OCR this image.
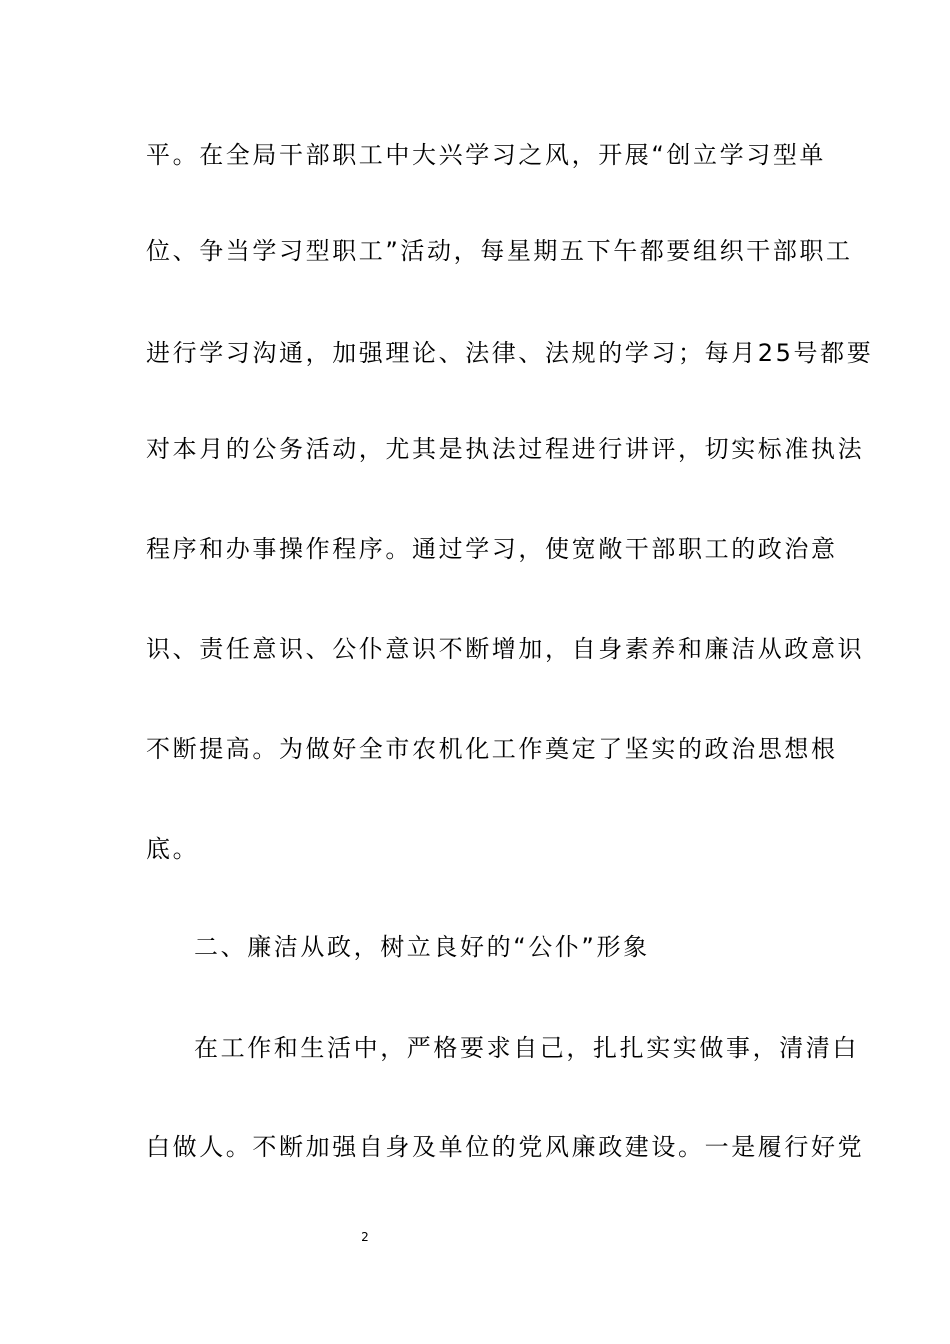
平。在全局干部职工中大兴学习之风，开展“创立学习型单
位、争当学习型职工”活动，每星期五下午都要组织干部职工
进行学习沟通，加强理论、法律、法规的学习；每月25号都要
对本月的公务活动，尤其是执法过程进行讲评，切实标准执法
程序和办事操作程序。通过学习，使宽敞干部职工的政治意
识、责任意识、公仆意识不断增加，自身素养和廉洁从政意识
不断提高。为做好全市农机化工作奠定了坚实的政治思想根
底。
二、廉洁从政，树立良好的“公仆”形象
在工作和生活中，严格要求自己，扎扎实实做事，清清白
白做人。不断加强自身及单位的党风廉政建设。一是履行好党
2
